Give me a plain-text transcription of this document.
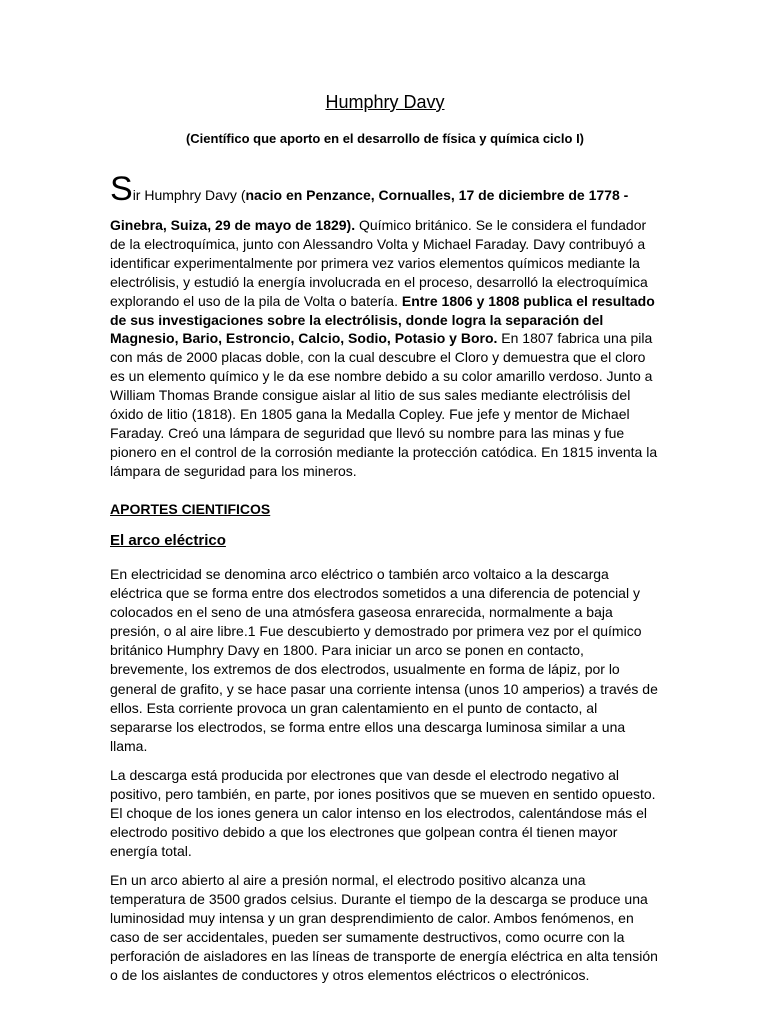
Humphry Davy

(Científico que aporto en el desarrollo de física y química ciclo I)

Sir Humphry Davy (nacio en Penzance, Cornualles, 17 de diciembre de 1778 -
Ginebra, Suiza, 29 de mayo de 1829). Químico británico. Se le considera el fundador de la electroquímica, junto con Alessandro Volta y Michael Faraday. Davy contribuyó a identificar experimentalmente por primera vez varios elementos químicos mediante la electrólisis, y estudió la energía involucrada en el proceso, desarrolló la electroquímica explorando el uso de la pila de Volta o batería. Entre 1806 y 1808 publica el resultado de sus investigaciones sobre la electrólisis, donde logra la separación del Magnesio, Bario, Estroncio, Calcio, Sodio, Potasio y Boro. En 1807 fabrica una pila con más de 2000 placas doble, con la cual descubre el Cloro y demuestra que el cloro es un elemento químico y le da ese nombre debido a su color amarillo verdoso. Junto a William Thomas Brande consigue aislar al litio de sus sales mediante electrólisis del óxido de litio (1818). En 1805 gana la Medalla Copley. Fue jefe y mentor de Michael Faraday. Creó una lámpara de seguridad que llevó su nombre para las minas y fue pionero en el control de la corrosión mediante la protección catódica. En 1815 inventa la lámpara de seguridad para los mineros.

APORTES CIENTIFICOS
El arco eléctrico

En electricidad se denomina arco eléctrico o también arco voltaico a la descarga eléctrica que se forma entre dos electrodos sometidos a una diferencia de potencial y colocados en el seno de una atmósfera gaseosa enrarecida, normalmente a baja presión, o al aire libre.1 Fue descubierto y demostrado por primera vez por el químico británico Humphry Davy en 1800. Para iniciar un arco se ponen en contacto, brevemente, los extremos de dos electrodos, usualmente en forma de lápiz, por lo general de grafito, y se hace pasar una corriente intensa (unos 10 amperios) a través de ellos. Esta corriente provoca un gran calentamiento en el punto de contacto, al separarse los electrodos, se forma entre ellos una descarga luminosa similar a una llama.

La descarga está producida por electrones que van desde el electrodo negativo al positivo, pero también, en parte, por iones positivos que se mueven en sentido opuesto. El choque de los iones genera un calor intenso en los electrodos, calentándose más el electrodo positivo debido a que los electrones que golpean contra él tienen mayor energía total.

En un arco abierto al aire a presión normal, el electrodo positivo alcanza una temperatura de 3500 grados celsius. Durante el tiempo de la descarga se produce una luminosidad muy intensa y un gran desprendimiento de calor. Ambos fenómenos, en caso de ser accidentales, pueden ser sumamente destructivos, como ocurre con la perforación de aisladores en las líneas de transporte de energía eléctrica en alta tensión o de los aislantes de conductores y otros elementos eléctricos o electrónicos.
